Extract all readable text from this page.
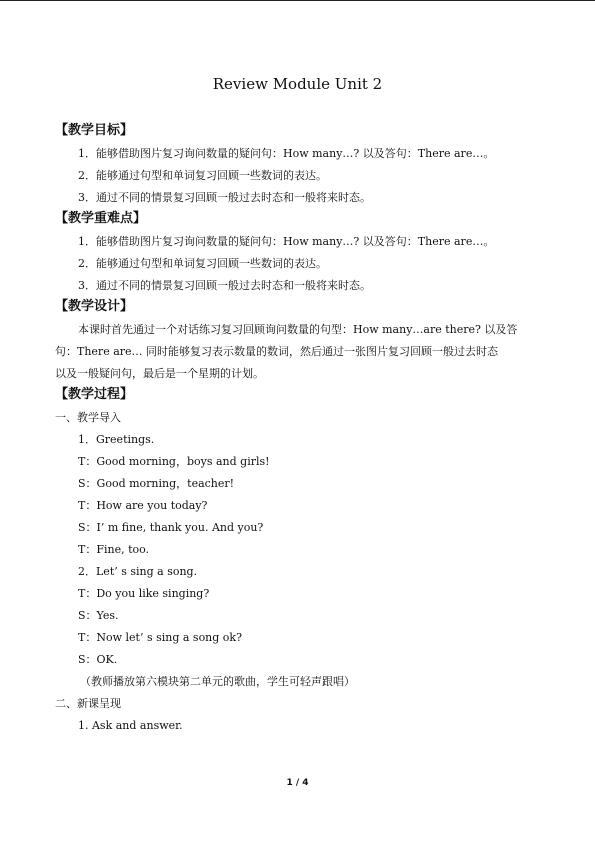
Review Module Unit 2
【教学目标】
1．能够借助图片复习询问数量的疑问句：How many…? 以及答句：There are…。
2．能够通过句型和单词复习回顾一些数词的表达。
3．通过不同的情景复习回顾一般过去时态和一般将来时态。
【教学重难点】
1．能够借助图片复习询问数量的疑问句：How many…? 以及答句：There are…。
2．能够通过句型和单词复习回顾一些数词的表达。
3．通过不同的情景复习回顾一般过去时态和一般将来时态。
【教学设计】
本课时首先通过一个对话练习复习回顾询问数量的句型：How many…are there? 以及答
句：There are… 同时能够复习表示数量的数词，然后通过一张图片复习回顾一般过去时态
以及一般疑问句，最后是一个星期的计划。
【教学过程】
一、教学导入
1．Greetings.
T：Good morning，boys and girls!
S：Good morning，teacher!
T：How are you today?
S：I’ m fine, thank you. And you?
T：Fine, too.
2．Let’ s sing a song.
T：Do you like singing?
S：Yes.
T：Now let’ s sing a song ok?
S：OK.
（教师播放第六模块第二单元的歌曲，学生可轻声跟唱）
二、新课呈现
1. Ask and answer.
1 / 4
